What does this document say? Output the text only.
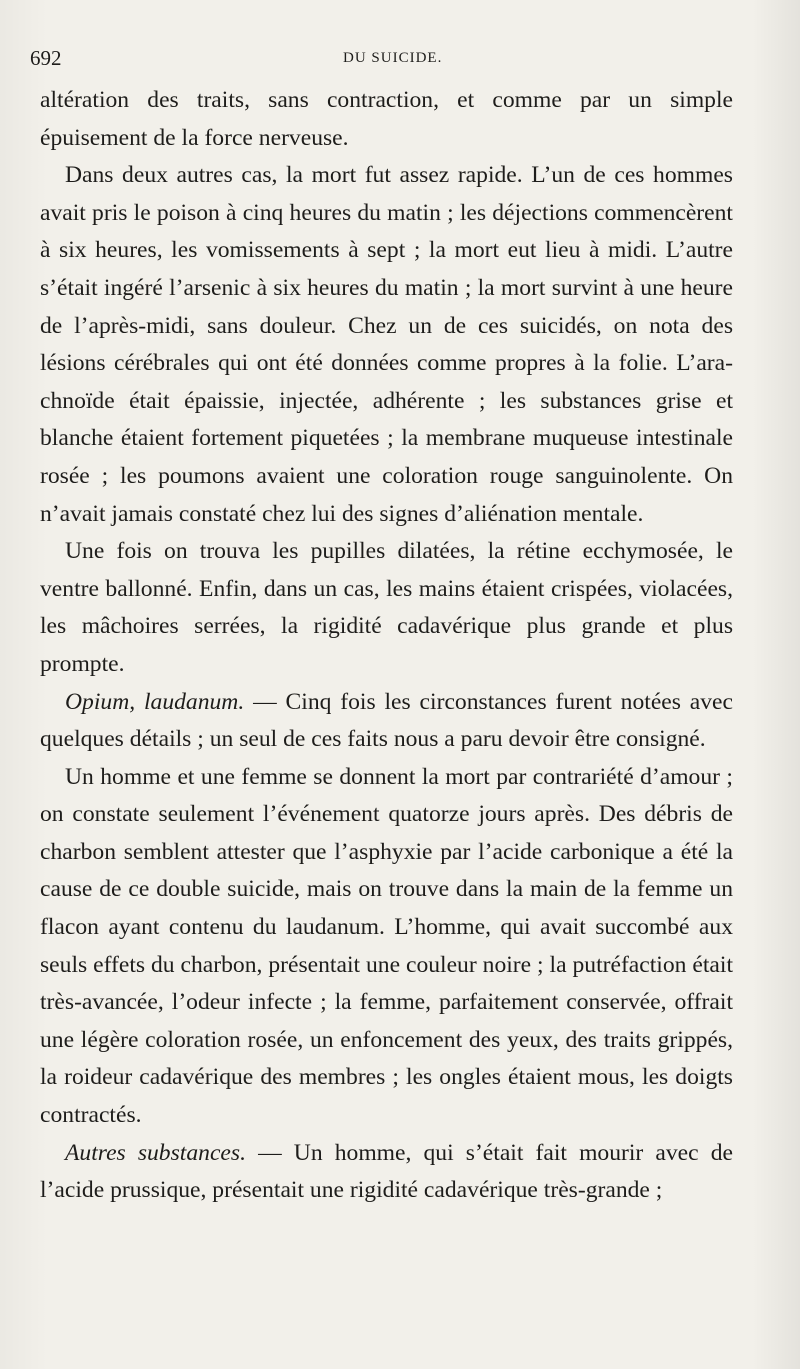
692	DU SUICIDE.

altération des traits, sans contraction, et comme par un simple épuisement de la force nerveuse.

Dans deux autres cas, la mort fut assez rapide. L’un de ces hommes avait pris le poison à cinq heures du matin ; les déjections commencèrent à six heures, les vomissements à sept ; la mort eut lieu à midi. L’autre s’était ingéré l’arsenic à six heures du matin ; la mort survint à une heure de l’après-midi, sans douleur. Chez un de ces suicidés, on nota des lésions cérébrales qui ont été données comme propres à la folie. L’arachnoïde était épaissie, injectée, adhérente ; les substances grise et blanche étaient fortement piquetées ; la membrane muqueuse intestinale rosée ; les poumons avaient une coloration rouge sanguinolente. On n’avait jamais constaté chez lui des signes d’aliénation mentale.

Une fois on trouva les pupilles dilatées, la rétine ecchymosée, le ventre ballonné. Enfin, dans un cas, les mains étaient crispées, violacées, les mâchoires serrées, la rigidité cadavérique plus grande et plus prompte.

Opium, laudanum. — Cinq fois les circonstances furent notées avec quelques détails ; un seul de ces faits nous a paru devoir être consigné.

Un homme et une femme se donnent la mort par contrariété d’amour ; on constate seulement l’événement quatorze jours après. Des débris de charbon semblent attester que l’asphyxie par l’acide carbonique a été la cause de ce double suicide, mais on trouve dans la main de la femme un flacon ayant contenu du laudanum. L’homme, qui avait succombé aux seuls effets du charbon, présentait une couleur noire ; la putréfaction était très-avancée, l’odeur infecte ; la femme, parfaitement conservée, offrait une légère coloration rosée, un enfoncement des yeux, des traits grippés, la roideur cadavérique des membres ; les ongles étaient mous, les doigts contractés.

Autres substances. — Un homme, qui s’était fait mourir avec de l’acide prussique, présentait une rigidité cadavérique très-grande ;
